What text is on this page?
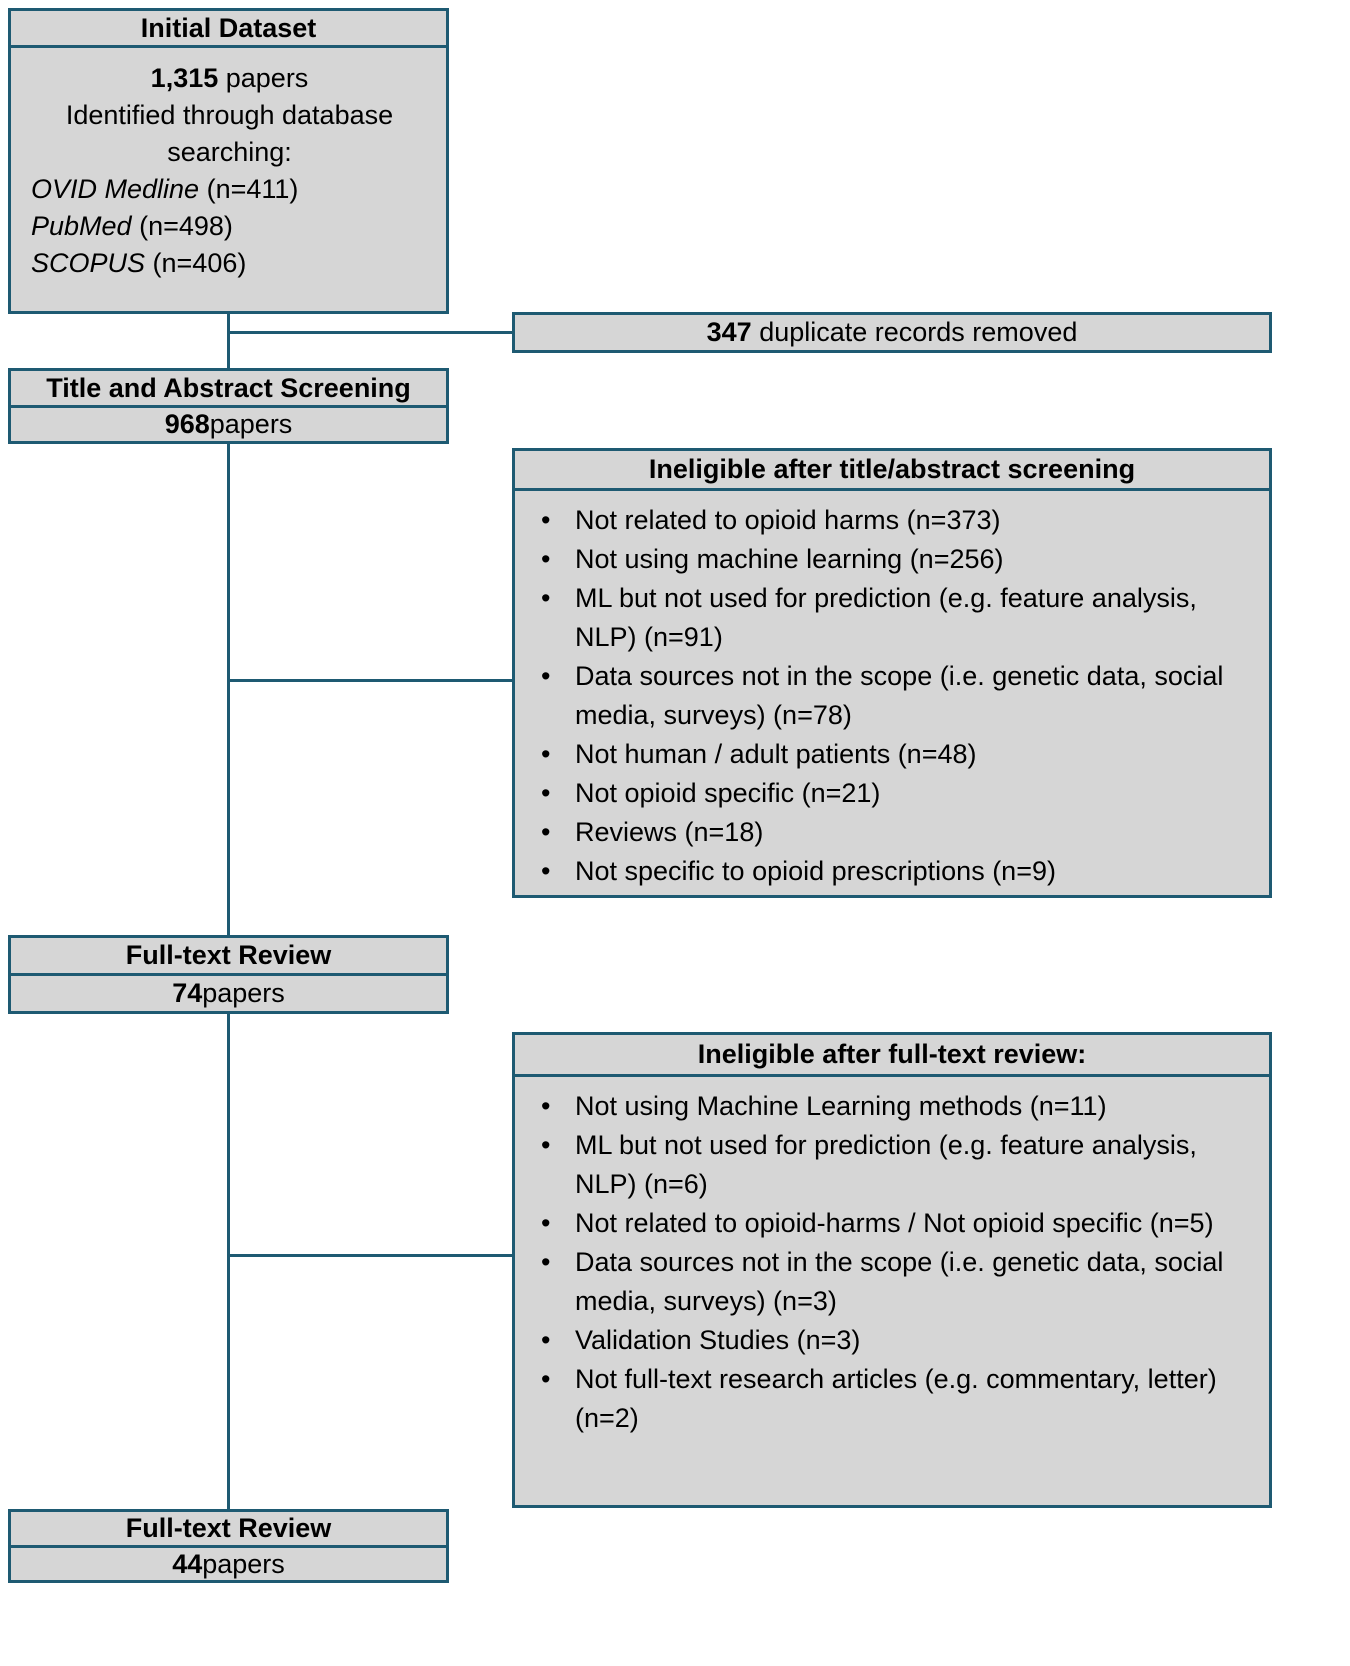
Initial Dataset
1,315 papers
Identified through database searching:
OVID Medline (n=411)
PubMed (n=498)
SCOPUS (n=406)
347 duplicate records removed
Title and Abstract Screening
968 papers
Ineligible after title/abstract screening
• Not related to opioid harms (n=373)
• Not using machine learning (n=256)
• ML but not used for prediction (e.g. feature analysis, NLP) (n=91)
• Data sources not in the scope (i.e. genetic data, social media, surveys) (n=78)
• Not human / adult patients (n=48)
• Not opioid specific (n=21)
• Reviews (n=18)
• Not specific to opioid prescriptions (n=9)
Full-text Review
74 papers
Ineligible after full-text review:
• Not using Machine Learning methods (n=11)
• ML but not used for prediction (e.g. feature analysis, NLP) (n=6)
• Not related to opioid-harms / Not opioid specific (n=5)
• Data sources not in the scope (i.e. genetic data, social media, surveys) (n=3)
• Validation Studies (n=3)
• Not full-text research articles (e.g. commentary, letter) (n=2)
Full-text Review
44 papers
